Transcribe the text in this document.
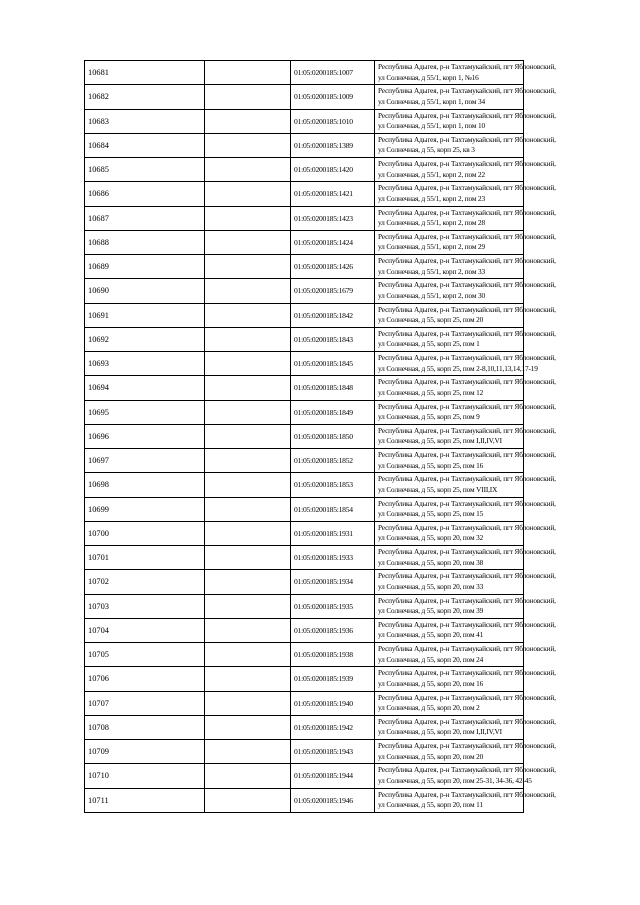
10681		01:05:0200185:1007	Республика Адыгея, р-н Тахтамукайский, пгт Яблоновский,
ул Солнечная, д 55/1, корп 1, №16

10682		01:05:0200185:1009	Республика Адыгея, р-н Тахтамукайский, пгт Яблоновский,
ул Солнечная, д 55/1, корп 1, пом 34

10683		01:05:0200185:1010	Республика Адыгея, р-н Тахтамукайский, пгт Яблоновский,
ул Солнечная, д 55/1, корп 1, пом 10

10684		01:05:0200185:1389	Республика Адыгея, р-н Тахтамукайский, пгт Яблоновский,
ул Солнечная, д 55, корп 25, кв 3

10685		01:05:0200185:1420	Республика Адыгея, р-н Тахтамукайский, пгт Яблоновский,
ул Солнечная, д 55/1, корп 2, пом 22

10686		01:05:0200185:1421	Республика Адыгея, р-н Тахтамукайский, пгт Яблоновский,
ул Солнечная, д 55/1, корп 2, пом 23

10687		01:05:0200185:1423	Республика Адыгея, р-н Тахтамукайский, пгт Яблоновский,
ул Солнечная, д 55/1, корп 2, пом 28

10688		01:05:0200185:1424	Республика Адыгея, р-н Тахтамукайский, пгт Яблоновский,
ул Солнечная, д 55/1, корп 2, пом 29

10689		01:05:0200185:1426	Республика Адыгея, р-н Тахтамукайский, пгт Яблоновский,
ул Солнечная, д 55/1, корп 2, пом 33

10690		01:05:0200185:1679	Республика Адыгея, р-н Тахтамукайский, пгт Яблоновский,
ул Солнечная, д 55/1, корп 2, пом 30

10691		01:05:0200185:1842	Республика Адыгея, р-н Тахтамукайский, пгт Яблоновский,
ул Солнечная, д 55, корп 25, пом 20

10692		01:05:0200185:1843	Республика Адыгея, р-н Тахтамукайский, пгт Яблоновский,
ул Солнечная, д 55, корп 25, пом 1

10693		01:05:0200185:1845	Республика Адыгея, р-н Тахтамукайский, пгт Яблоновский,
ул Солнечная, д 55, корп 25, пом 2-8,10,11,13,14,17-19

10694		01:05:0200185:1848	Республика Адыгея, р-н Тахтамукайский, пгт Яблоновский,
ул Солнечная, д 55, корп 25, пом 12

10695		01:05:0200185:1849	Республика Адыгея, р-н Тахтамукайский, пгт Яблоновский,
ул Солнечная, д 55, корп 25, пом 9

10696		01:05:0200185:1850	Республика Адыгея, р-н Тахтамукайский, пгт Яблоновский,
ул Солнечная, д 55, корп 25, пом I,II,IV,VI

10697		01:05:0200185:1852	Республика Адыгея, р-н Тахтамукайский, пгт Яблоновский,
ул Солнечная, д 55, корп 25, пом 16

10698		01:05:0200185:1853	Республика Адыгея, р-н Тахтамукайский, пгт Яблоновский,
ул Солнечная, д 55, корп 25, пом VIII,IX

10699		01:05:0200185:1854	Республика Адыгея, р-н Тахтамукайский, пгт Яблоновский,
ул Солнечная, д 55, корп 25, пом 15

10700		01:05:0200185:1931	Республика Адыгея, р-н Тахтамукайский, пгт Яблоновский,
ул Солнечная, д 55, корп 20, пом 32

10701		01:05:0200185:1933	Республика Адыгея, р-н Тахтамукайский, пгт Яблоновский,
ул Солнечная, д 55, корп 20, пом 38

10702		01:05:0200185:1934	Республика Адыгея, р-н Тахтамукайский, пгт Яблоновский,
ул Солнечная, д 55, корп 20, пом 33

10703		01:05:0200185:1935	Республика Адыгея, р-н Тахтамукайский, пгт Яблоновский,
ул Солнечная, д 55, корп 20, пом 39

10704		01:05:0200185:1936	Республика Адыгея, р-н Тахтамукайский, пгт Яблоновский,
ул Солнечная, д 55, корп 20, пом 41

10705		01:05:0200185:1938	Республика Адыгея, р-н Тахтамукайский, пгт Яблоновский,
ул Солнечная, д 55, корп 20, пом 24

10706		01:05:0200185:1939	Республика Адыгея, р-н Тахтамукайский, пгт Яблоновский,
ул Солнечная, д 55, корп 20, пом 16

10707		01:05:0200185:1940	Республика Адыгея, р-н Тахтамукайский, пгт Яблоновский,
ул Солнечная, д 55, корп 20, пом 2

10708		01:05:0200185:1942	Республика Адыгея, р-н Тахтамукайский, пгт Яблоновский,
ул Солнечная, д 55, корп 20, пом I,II,IV,VI

10709		01:05:0200185:1943	Республика Адыгея, р-н Тахтамукайский, пгт Яблоновский,
ул Солнечная, д 55, корп 20, пом 20

10710		01:05:0200185:1944	Республика Адыгея, р-н Тахтамукайский, пгт Яблоновский,
ул Солнечная, д 55, корп 20, пом 25-31, 34-36, 42-45

10711		01:05:0200185:1946	Республика Адыгея, р-н Тахтамукайский, пгт Яблоновский,
ул Солнечная, д 55, корп 20, пом 11
